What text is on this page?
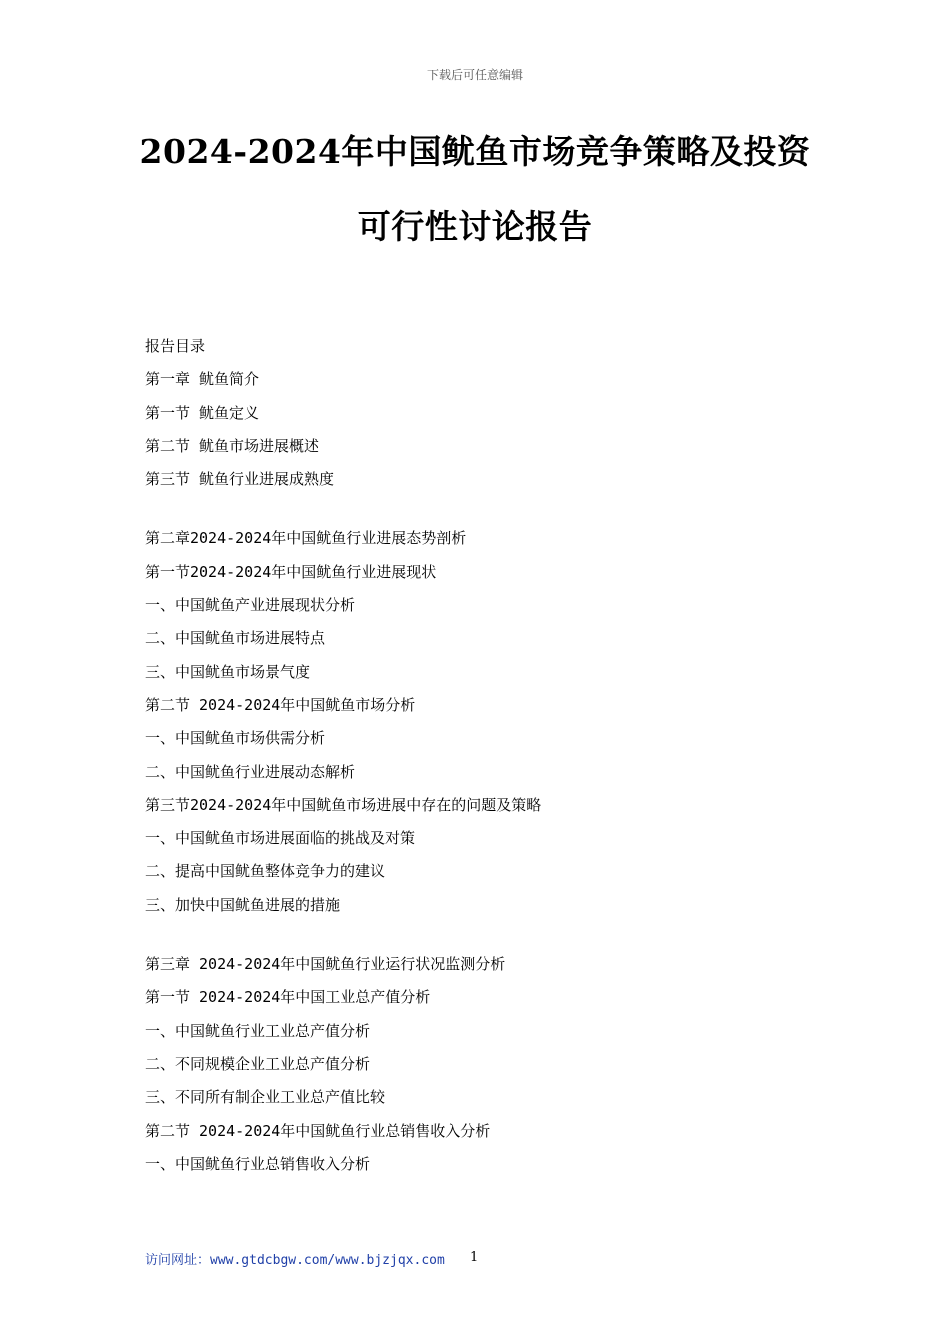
下载后可任意编辑
2024-2024年中国鱿鱼市场竞争策略及投资
可行性讨论报告
报告目录
第一章 鱿鱼简介
第一节 鱿鱼定义
第二节 鱿鱼市场进展概述
第三节 鱿鱼行业进展成熟度
第二章2024-2024年中国鱿鱼行业进展态势剖析
第一节2024-2024年中国鱿鱼行业进展现状
一、中国鱿鱼产业进展现状分析
二、中国鱿鱼市场进展特点
三、中国鱿鱼市场景气度
第二节 2024-2024年中国鱿鱼市场分析
一、中国鱿鱼市场供需分析
二、中国鱿鱼行业进展动态解析
第三节2024-2024年中国鱿鱼市场进展中存在的问题及策略
一、中国鱿鱼市场进展面临的挑战及对策
二、提高中国鱿鱼整体竞争力的建议
三、加快中国鱿鱼进展的措施
第三章 2024-2024年中国鱿鱼行业运行状况监测分析
第一节 2024-2024年中国工业总产值分析
一、中国鱿鱼行业工业总产值分析
二、不同规模企业工业总产值分析
三、不同所有制企业工业总产值比较
第二节 2024-2024年中国鱿鱼行业总销售收入分析
一、中国鱿鱼行业总销售收入分析
访问网址：www.gtdcbgw.com/www.bjzjqx.com 1
